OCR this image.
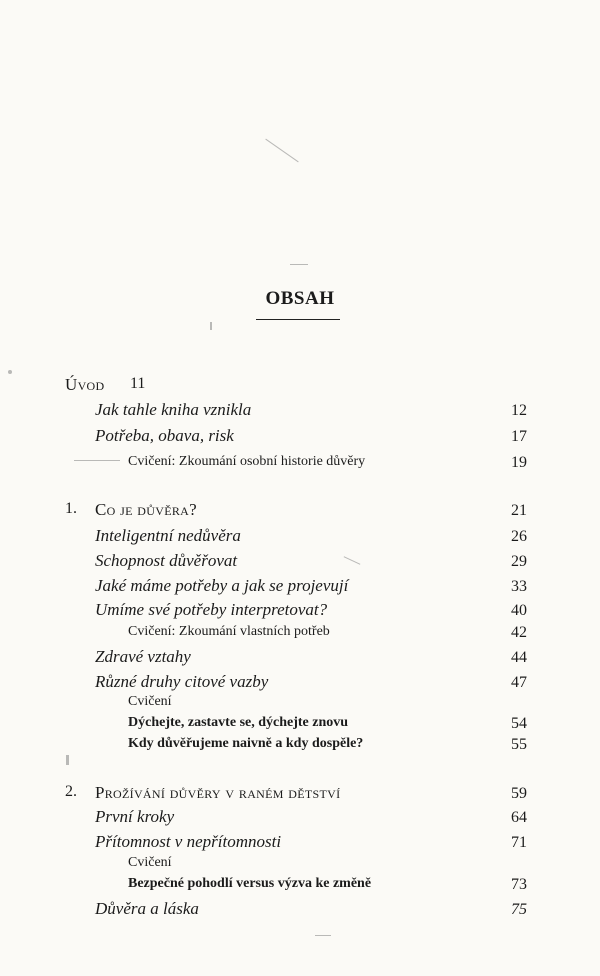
OBSAH
Úvod 11
Jak tahle kniha vznikla	12
Potřeba, obava, risk	17
Cvičení: Zkoumání osobní historie důvěry	19
1. Co je důvěra?	21
Inteligentní nedůvěra	26
Schopnost důvěřovat	29
Jaké máme potřeby a jak se projevují	33
Umíme své potřeby interpretovat?	40
Cvičení: Zkoumání vlastních potřeb	42
Zdravé vztahy	44
Různé druhy citové vazby	47
Cvičení
Dýchejte, zastavte se, dýchejte znovu	54
Kdy důvěřujeme naivně a kdy dospěle?	55
2. Prožívání důvěry v raném dětství	59
První kroky	64
Přítomnost v nepřítomnosti	71
Cvičení
Bezpečné pohodlí versus výzva ke změně	73
Důvěra a láska	75
